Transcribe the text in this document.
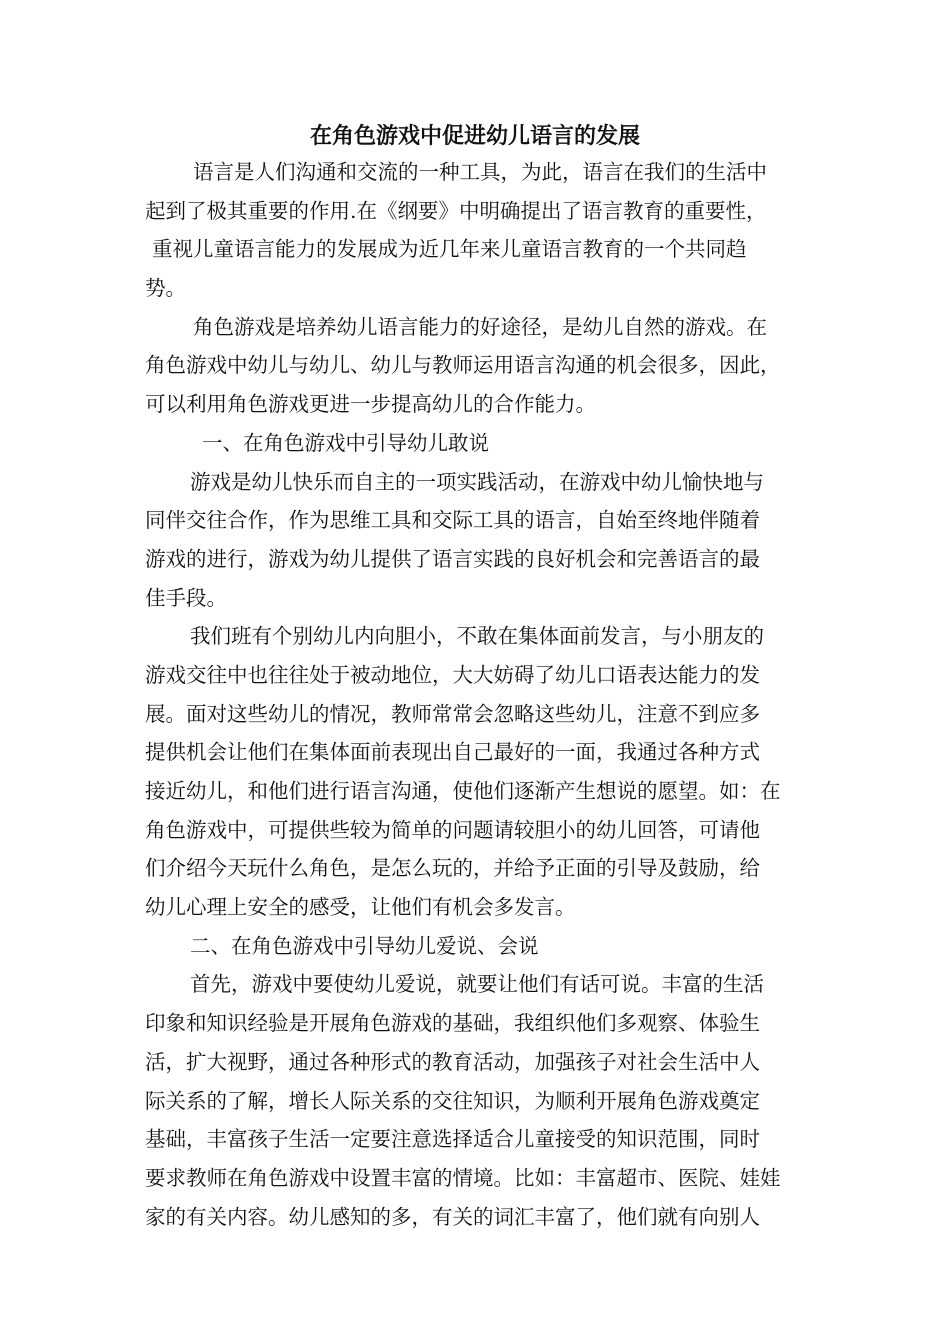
在角色游戏中促进幼儿语言的发展
语言是人们沟通和交流的一种工具，为此，语言在我们的生活中
起到了极其重要的作用.在《纲要》中明确提出了语言教育的重要性，
重视儿童语言能力的发展成为近几年来儿童语言教育的一个共同趋
势。
角色游戏是培养幼儿语言能力的好途径，是幼儿自然的游戏。在
角色游戏中幼儿与幼儿、幼儿与教师运用语言沟通的机会很多，因此，
可以利用角色游戏更进一步提高幼儿的合作能力。
一、在角色游戏中引导幼儿敢说
游戏是幼儿快乐而自主的一项实践活动，在游戏中幼儿愉快地与
同伴交往合作，作为思维工具和交际工具的语言，自始至终地伴随着
游戏的进行，游戏为幼儿提供了语言实践的良好机会和完善语言的最
佳手段。
我们班有个别幼儿内向胆小，不敢在集体面前发言，与小朋友的
游戏交往中也往往处于被动地位，大大妨碍了幼儿口语表达能力的发
展。面对这些幼儿的情况，教师常常会忽略这些幼儿，注意不到应多
提供机会让他们在集体面前表现出自己最好的一面，我通过各种方式
接近幼儿，和他们进行语言沟通，使他们逐渐产生想说的愿望。如：在
角色游戏中，可提供些较为简单的问题请较胆小的幼儿回答，可请他
们介绍今天玩什么角色，是怎么玩的，并给予正面的引导及鼓励，给
幼儿心理上安全的感受，让他们有机会多发言。
二、在角色游戏中引导幼儿爱说、会说
首先，游戏中要使幼儿爱说，就要让他们有话可说。丰富的生活
印象和知识经验是开展角色游戏的基础，我组织他们多观察、体验生
活，扩大视野，通过各种形式的教育活动，加强孩子对社会生活中人
际关系的了解，增长人际关系的交往知识，为顺利开展角色游戏奠定
基础，丰富孩子生活一定要注意选择适合儿童接受的知识范围，同时
要求教师在角色游戏中设置丰富的情境。比如：丰富超市、医院、娃娃
家的有关内容。幼儿感知的多，有关的词汇丰富了，他们就有向别人
